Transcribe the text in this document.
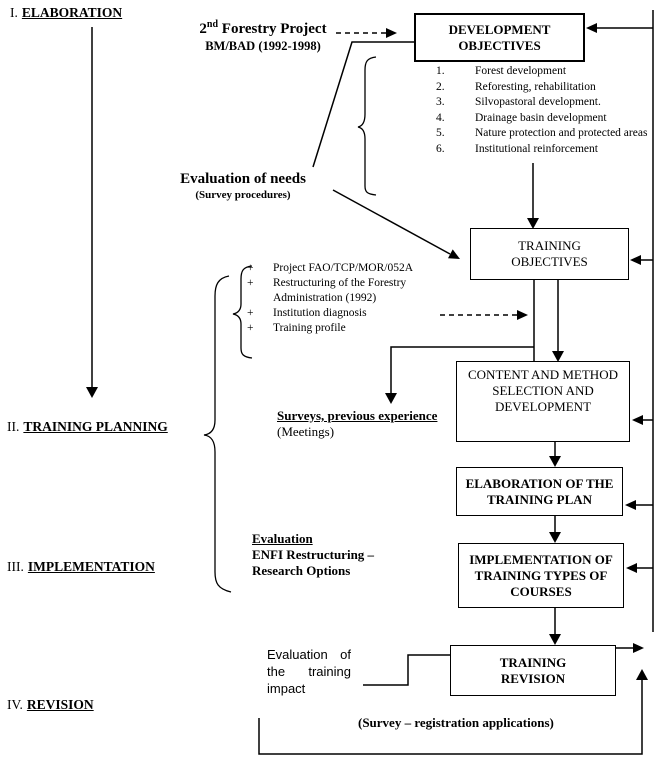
I. ELABORATION
II. TRAINING PLANNING
III. IMPLEMENTATION
IV. REVISION
2nd Forestry Project
BM/BAD (1992-1998)
Evaluation of needs
(Survey procedures)
DEVELOPMENT OBJECTIVES
TRAINING OBJECTIVES
CONTENT AND METHOD SELECTION AND DEVELOPMENT
ELABORATION OF THE TRAINING PLAN
IMPLEMENTATION OF TRAINING TYPES OF COURSES
TRAINING REVISION
1.	Forest development
2.	Reforesting, rehabilitation
3.	Silvopastoral development.
4.	Drainage basin development
5.	Nature protection and protected areas
6.	Institutional reinforcement
+	Project FAO/TCP/MOR/052A
+	Restructuring of the Forestry Administration (1992)
+	Institution diagnosis
+	Training profile
Surveys, previous experience
(Meetings)
Evaluation
ENFI Restructuring –
Research Options
Evaluation of
the training
impact
(Survey – registration applications)
